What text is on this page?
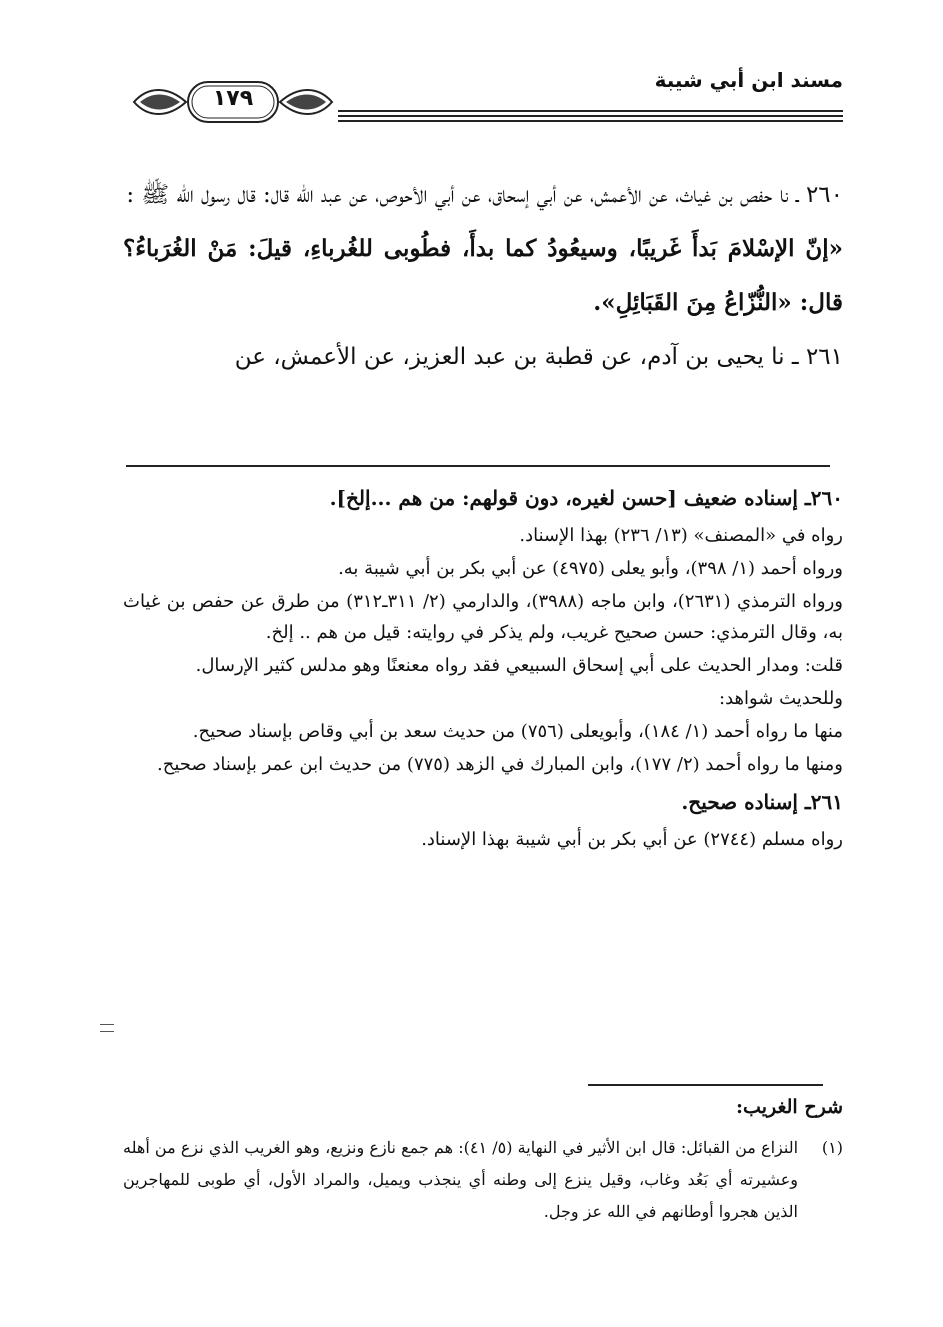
مسند ابن أبي شيبة
١٧٩

٢٦٠ ـ نا حفص بن غياث، عن الأعمش، عن أبي إسحاق، عن أبي الأحوص، عن عبد الله قال: قال رسول الله ﷺ :

«إنّ الإسْلامَ بَدأَ غَريبًا، وسيعُودُ كما بدأَ، فطُوبى للغُرباءِ، قيلَ: مَنْ الغُرَباءُ؟ قال: «النُّزّاعُ مِنَ القَبَائِلِ».

٢٦١ ـ نا يحيى بن آدم، عن قطبة بن عبد العزيز، عن الأعمش، عن

٢٦٠ـ إسناده ضعيف [حسن لغيره، دون قولهم: من هم ...إلخ].

رواه في «المصنف» (١٣/ ٢٣٦) بهذا الإسناد.

ورواه أحمد (١/ ٣٩٨)، وأبو يعلى (٤٩٧٥) عن أبي بكر بن أبي شيبة به.

ورواه الترمذي (٢٦٣١)، وابن ماجه (٣٩٨٨)، والدارمي (٢/ ٣١١ـ٣١٢) من طرق عن حفص بن غياث به، وقال الترمذي: حسن صحيح غريب، ولم يذكر في روايته: قيل من هم .. إلخ.

قلت: ومدار الحديث على أبي إسحاق السبيعي فقد رواه معنعنًا وهو مدلس كثير الإرسال.

وللحديث شواهد:

منها ما رواه أحمد (١/ ١٨٤)، وأبويعلى (٧٥٦) من حديث سعد بن أبي وقاص بإسناد صحيح.

ومنها ما رواه أحمد (٢/ ١٧٧)، وابن المبارك في الزهد (٧٧٥) من حديث ابن عمر بإسناد صحيح.

٢٦١ـ إسناده صحيح.

رواه مسلم (٢٧٤٤) عن أبي بكر بن أبي شيبة بهذا الإسناد.

شرح الغريب:
(١)
النزاع من القبائل: قال ابن الأثير في النهاية (٥/ ٤١): هم جمع نازع ونزيع، وهو الغريب الذي نزع من أهله وعشيرته أي بَعُد وغاب، وقيل ينزع إلى وطنه أي ينجذب ويميل، والمراد الأول، أي طوبى للمهاجرين الذين هجروا أوطانهم في الله عز وجل.
